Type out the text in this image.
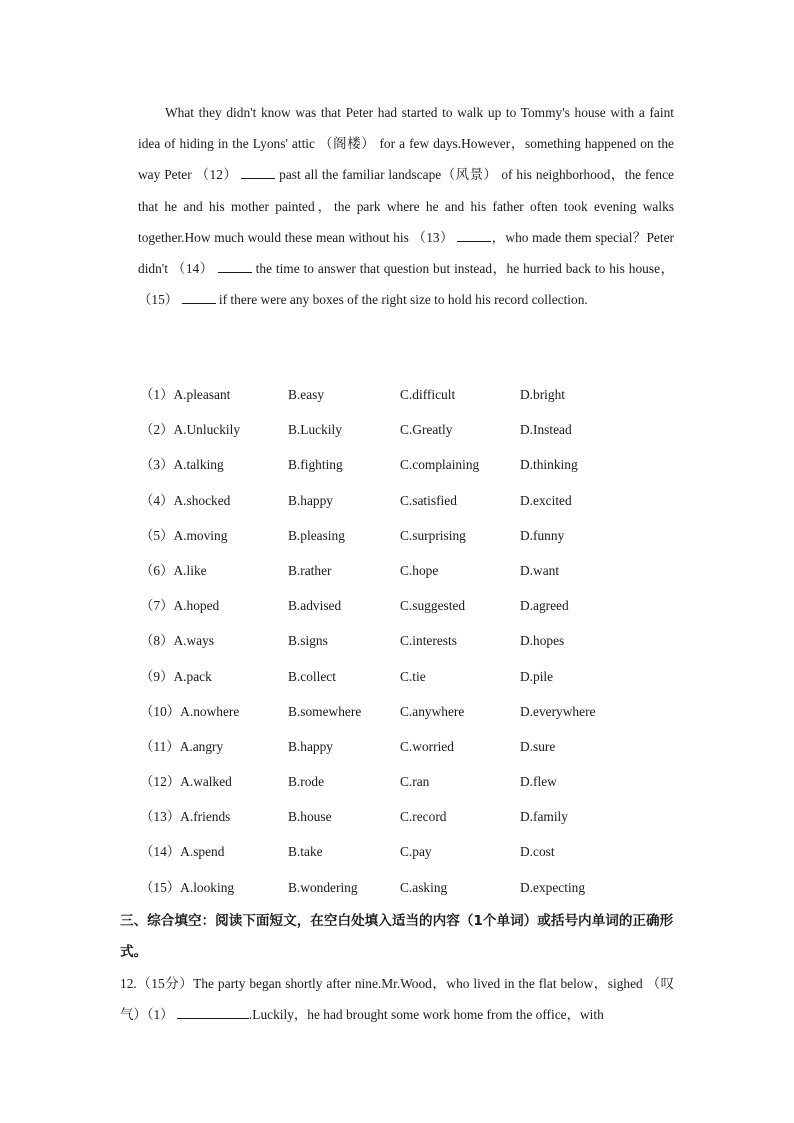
What they didn't know was that Peter had started to walk up to Tommy's house with a faint idea of hiding in the Lyons' attic （阁楼） for a few days.However，something happened on the way Peter （12）	past all the familiar landscape（风景） of his neighborhood，the fence that he and his mother painted，the park where he and his father often took evening walks together.How much would these mean without his （13）	，who made them special？Peter didn't （14）	the time to answer that question but instead，he hurried back to his house， （15）	if there were any boxes of the right size to hold his record collection.

（1）A.pleasant	B.easy	C.difficult	D.bright
（2）A.Unluckily	B.Luckily	C.Greatly	D.Instead
（3）A.talking	B.fighting	C.complaining	D.thinking
（4）A.shocked	B.happy	C.satisfied	D.excited
（5）A.moving	B.pleasing	C.surprising	D.funny
（6）A.like	B.rather	C.hope	D.want
（7）A.hoped	B.advised	C.suggested	D.agreed
（8）A.ways	B.signs	C.interests	D.hopes
（9）A.pack	B.collect	C.tie	D.pile
（10）A.nowhere	B.somewhere	C.anywhere	D.everywhere
（11）A.angry	B.happy	C.worried	D.sure
（12）A.walked	B.rode	C.ran	D.flew
（13）A.friends	B.house	C.record	D.family
（14）A.spend	B.take	C.pay	D.cost
（15）A.looking	B.wondering	C.asking	D.expecting
三、综合填空：阅读下面短文，在空白处填入适当的内容（1个单词）或括号内单词的正确形式。
12.（15分）The party began shortly after nine.Mr.Wood，who lived in the flat below，sighed （叹气）（1）	.Luckily，he had brought some work home from the office，with
